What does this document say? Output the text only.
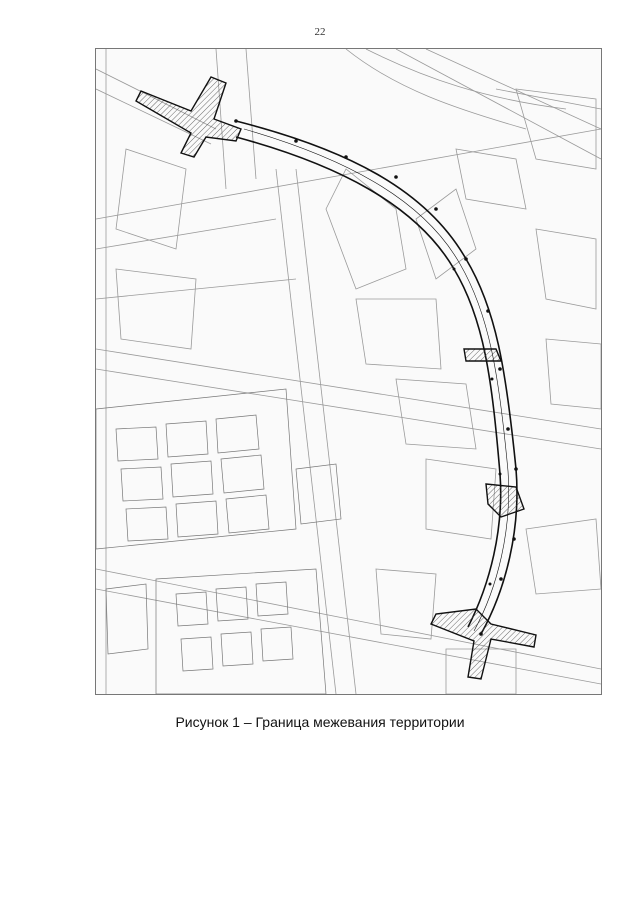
22
Рисунок 1 – Граница межевания территории
